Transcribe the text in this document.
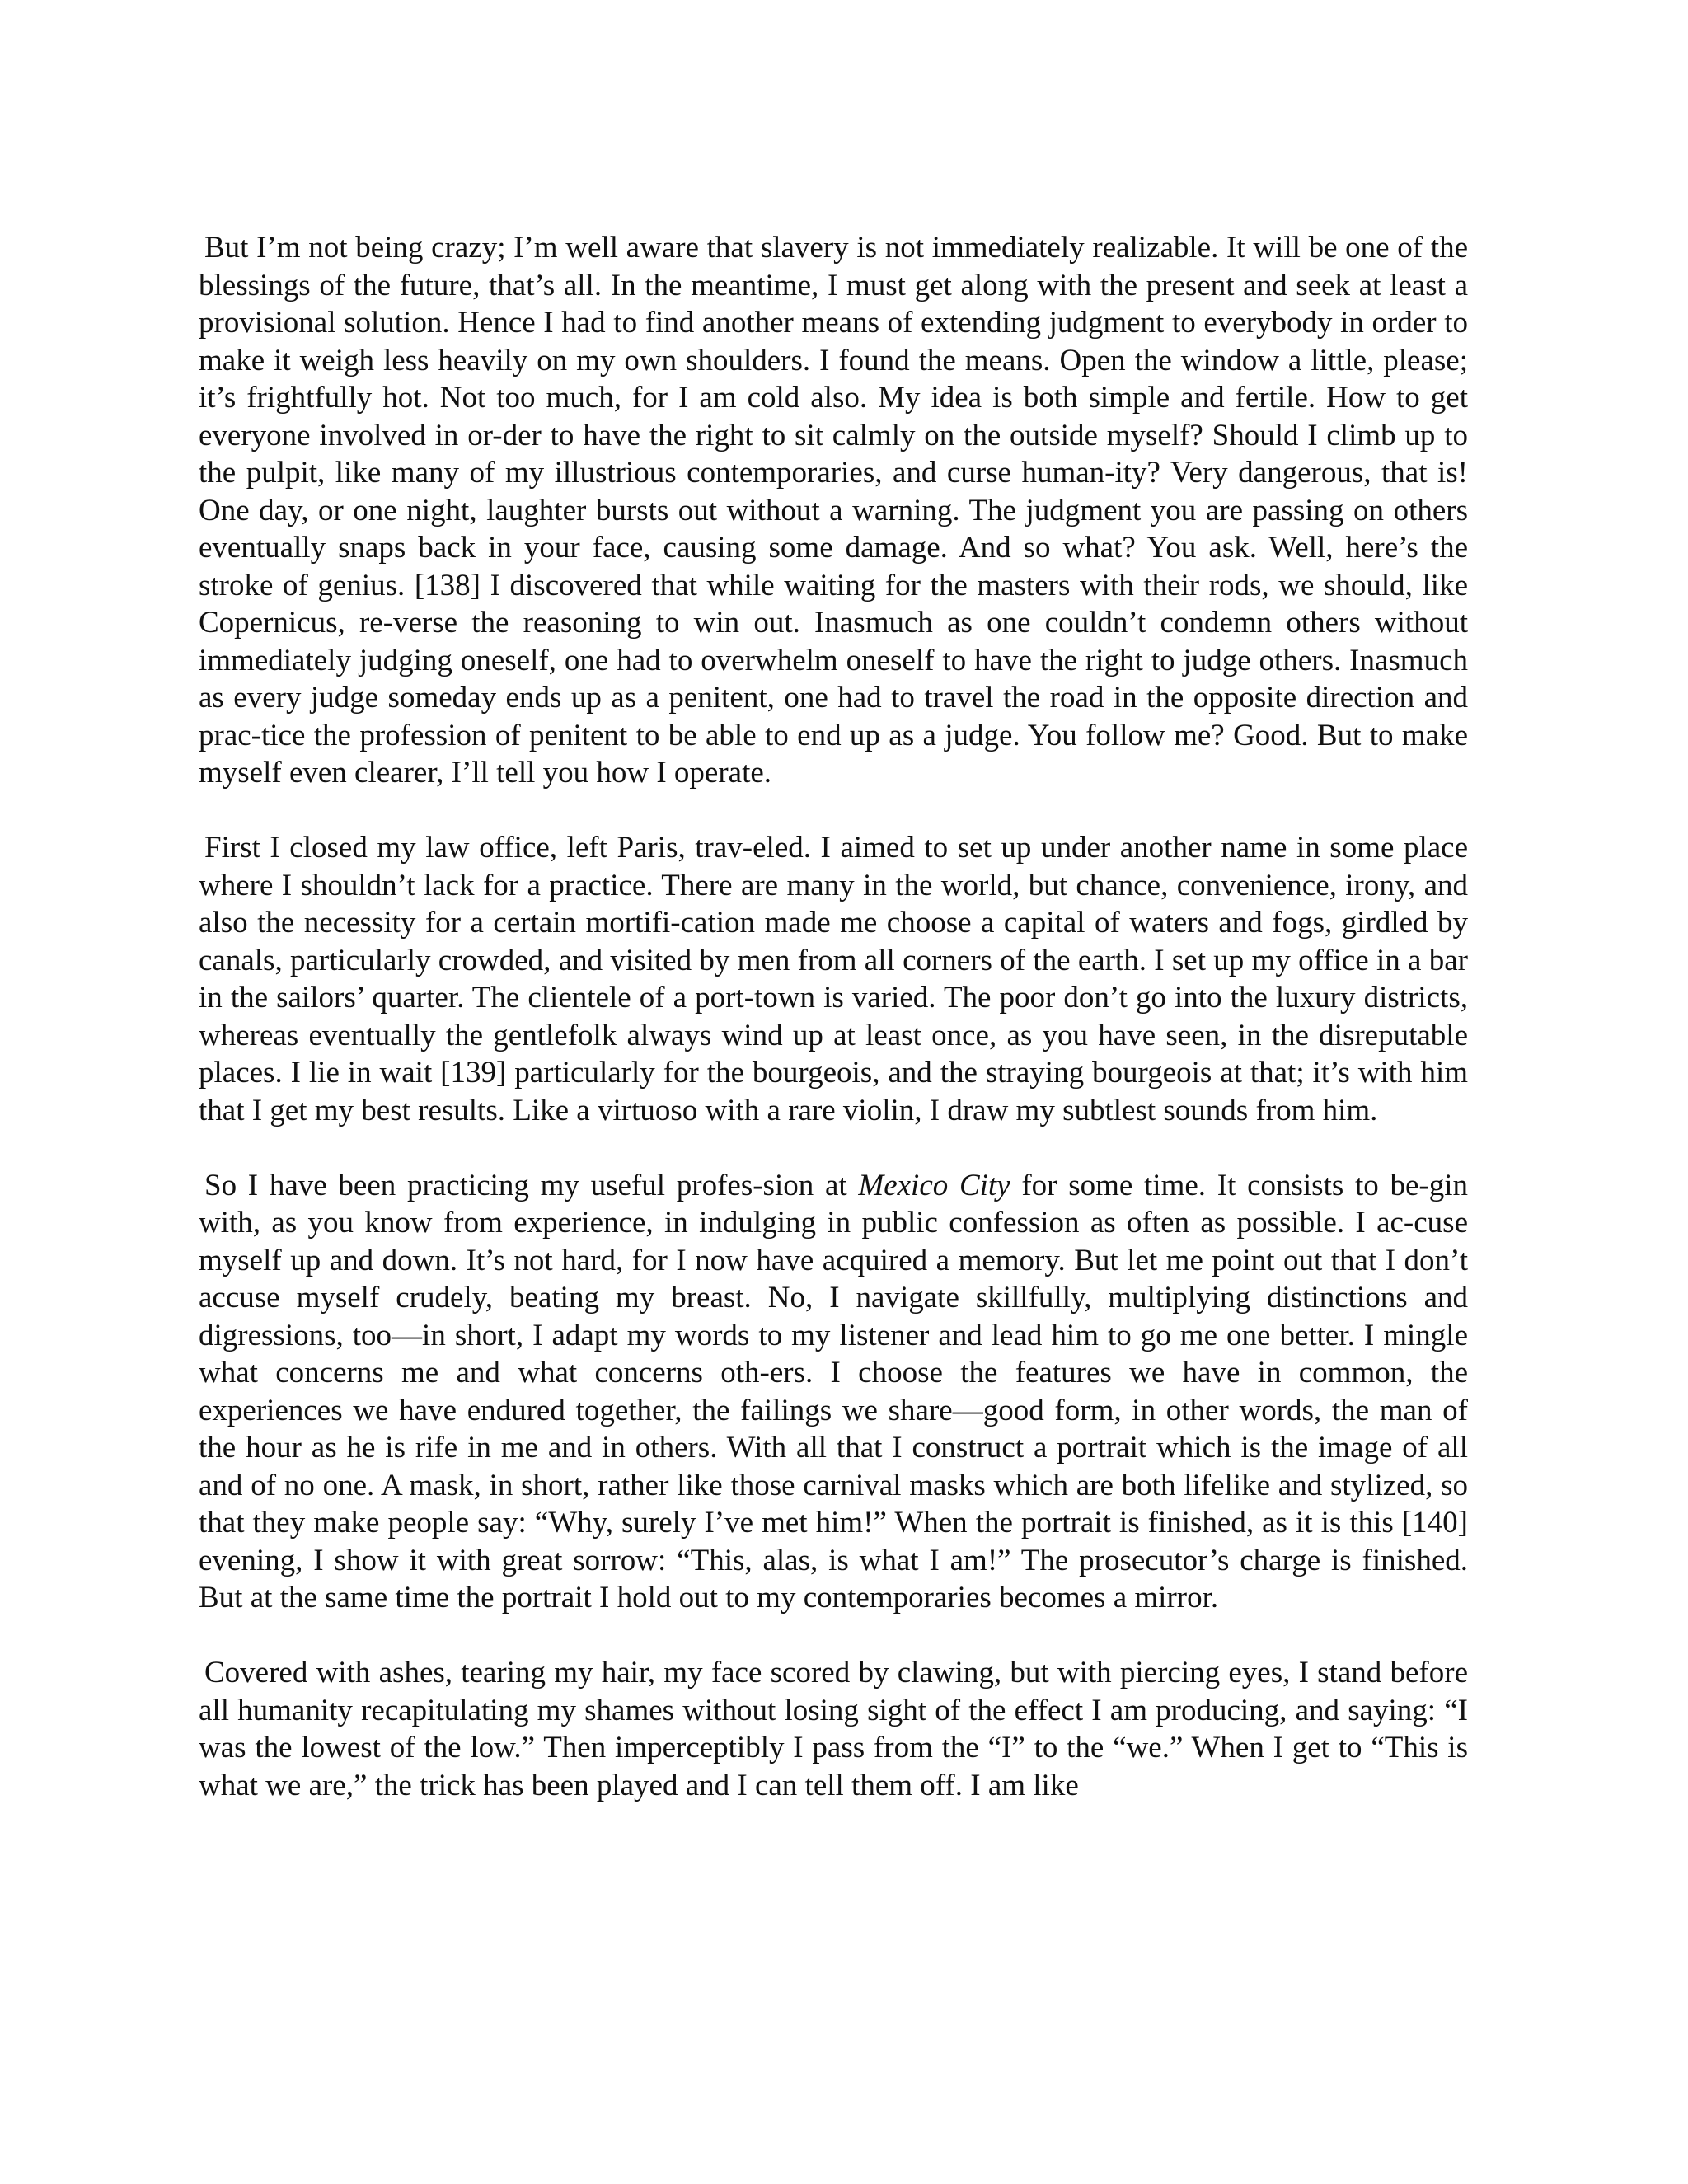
But I’m not being crazy; I’m well aware that slavery is not immediately realizable. It will be one of the blessings of the future, that’s all. In the meantime, I must get along with the present and seek at least a provisional solution. Hence I had to find another means of extending judgment to everybody in order to make it weigh less heavily on my own shoulders. I found the means. Open the window a little, please; it’s frightfully hot. Not too much, for I am cold also. My idea is both simple and fertile. How to get everyone involved in or-der to have the right to sit calmly on the outside myself? Should I climb up to the pulpit, like many of my illustrious contemporaries, and curse human-ity? Very dangerous, that is! One day, or one night, laughter bursts out without a warning. The judgment you are passing on others eventually snaps back in your face, causing some damage. And so what? You ask. Well, here’s the stroke of genius. [138] I discovered that while waiting for the masters with their rods, we should, like Copernicus, re-verse the reasoning to win out. Inasmuch as one couldn’t condemn others without immediately judging oneself, one had to overwhelm oneself to have the right to judge others. Inasmuch as every judge someday ends up as a penitent, one had to travel the road in the opposite direction and prac-tice the profession of penitent to be able to end up as a judge. You follow me? Good. But to make myself even clearer, I’ll tell you how I operate.

First I closed my law office, left Paris, trav-eled. I aimed to set up under another name in some place where I shouldn’t lack for a practice. There are many in the world, but chance, convenience, irony, and also the necessity for a certain mortifi-cation made me choose a capital of waters and fogs, girdled by canals, particularly crowded, and visited by men from all corners of the earth. I set up my office in a bar in the sailors’ quarter. The clientele of a port-town is varied. The poor don’t go into the luxury districts, whereas eventually the gentlefolk always wind up at least once, as you have seen, in the disreputable places. I lie in wait [139] particularly for the bourgeois, and the straying bourgeois at that; it’s with him that I get my best results. Like a virtuoso with a rare violin, I draw my subtlest sounds from him.

So I have been practicing my useful profes-sion at Mexico City for some time. It consists to be-gin with, as you know from experience, in indulging in public confession as often as possible. I ac-cuse myself up and down. It’s not hard, for I now have acquired a memory. But let me point out that I don’t accuse myself crudely, beating my breast. No, I navigate skillfully, multiplying distinctions and digressions, too—in short, I adapt my words to my listener and lead him to go me one better. I mingle what concerns me and what concerns oth-ers. I choose the features we have in common, the experiences we have endured together, the failings we share—good form, in other words, the man of the hour as he is rife in me and in others. With all that I construct a portrait which is the image of all and of no one. A mask, in short, rather like those carnival masks which are both lifelike and stylized, so that they make people say: “Why, surely I’ve met him!” When the portrait is finished, as it is this [140] evening, I show it with great sorrow: “This, alas, is what I am!” The prosecutor’s charge is finished. But at the same time the portrait I hold out to my contemporaries becomes a mirror.

Covered with ashes, tearing my hair, my face scored by clawing, but with piercing eyes, I stand before all humanity recapitulating my shames without losing sight of the effect I am producing, and saying: “I was the lowest of the low.” Then imperceptibly I pass from the “I” to the “we.” When I get to “This is what we are,” the trick has been played and I can tell them off. I am like
